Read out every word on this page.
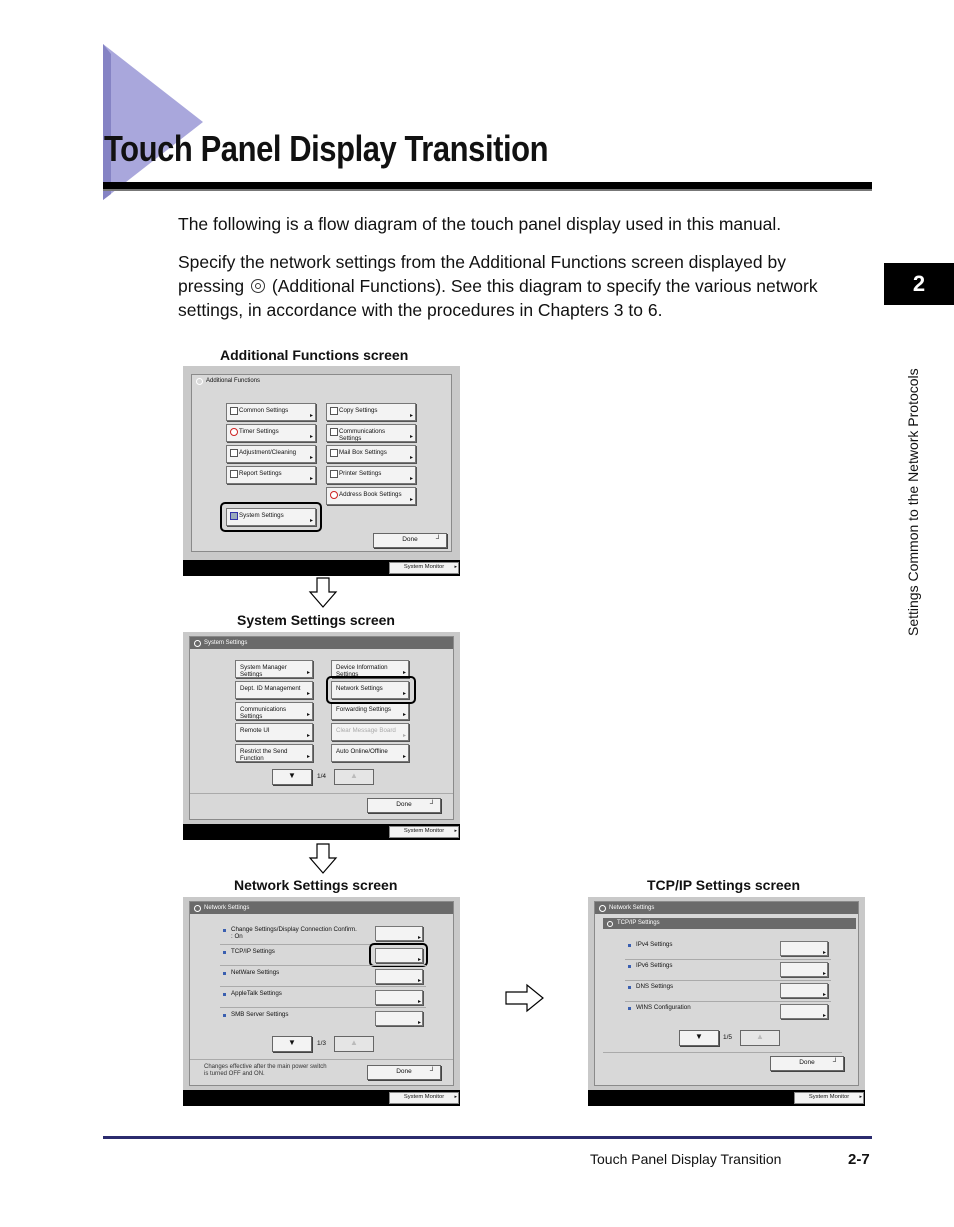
Touch Panel Display Transition

The following is a flow diagram of the touch panel display used in this manual.

Specify the network settings from the Additional Functions screen displayed by
pressing (Additional Functions). See this diagram to specify the various network
settings, in accordance with the procedures in Chapters 3 to 6.
2
Settings Common to the Network Protocols
Additional Functions screen
Additional Functions
Common Settings ▸
Timer Settings ▸
Adjustment/Cleaning ▸
Report Settings ▸
Copy Settings ▸
Communications
Settings ▸
Mail Box Settings ▸
Printer Settings ▸
Address Book Settings ▸
System Settings ▸
Done ┘
System Monitor ▸
System Settings screen
System Settings
System Manager
Settings ▸
Dept. ID Management ▸
Communications
Settings ▸
Remote UI ▸
Restrict the Send
Function ▸
Device Information
Settings ▸
Network Settings ▸
Forwarding Settings ▸
Clear Message Board ▸
Auto Online/Offline ▸
▼	1/4	▲
Done ┘
System Monitor ▸
Network Settings screen
Network Settings
Change Settings/Display Connection Confirm.
: On
▸
TCP/IP Settings
▸
NetWare Settings
▸
AppleTalk Settings
▸
SMB Server Settings
▸
▼	1/3	▲
Changes effective after the main power switch
is turned OFF and ON.	Done ┘
System Monitor ▸
TCP/IP Settings screen
Network Settings
TCP/IP Settings
IPv4 Settings
▸
IPv6 Settings
▸
DNS Settings
▸
WINS Configuration
▸
▼	1/5	▲
Done ┘
System Monitor ▸
Touch Panel Display Transition	2-7
